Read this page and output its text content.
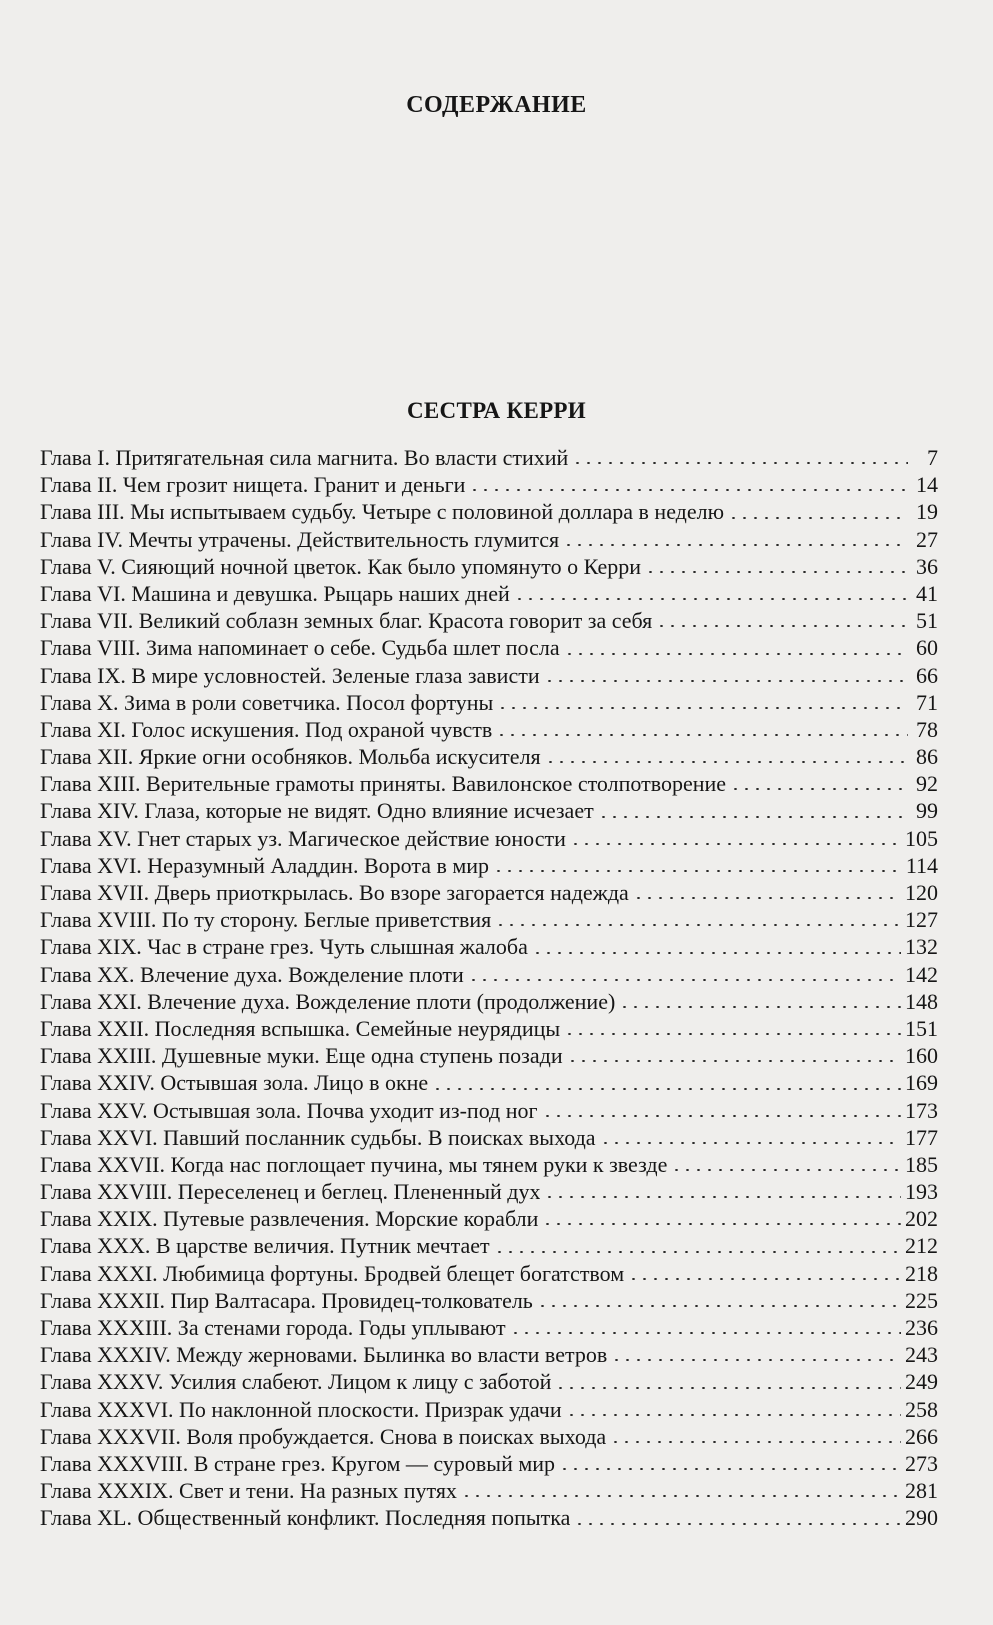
СОДЕРЖАНИЕ
СЕСТРА КЕРРИ
Глава I. Притягательная сила магнита. Во власти стихий	7
Глава II. Чем грозит нищета. Гранит и деньги	14
Глава III. Мы испытываем судьбу. Четыре с половиной доллара в неделю	19
Глава IV. Мечты утрачены. Действительность глумится	27
Глава V. Сияющий ночной цветок. Как было упомянуто о Керри	36
Глава VI. Машина и девушка. Рыцарь наших дней	41
Глава VII. Великий соблазн земных благ. Красота говорит за себя	51
Глава VIII. Зима напоминает о себе. Судьба шлет посла	60
Глава IX. В мире условностей. Зеленые глаза зависти	66
Глава X. Зима в роли советчика. Посол фортуны	71
Глава XI. Голос искушения. Под охраной чувств	78
Глава XII. Яркие огни особняков. Мольба искусителя	86
Глава XIII. Верительные грамоты приняты. Вавилонское столпотворение	92
Глава XIV. Глаза, которые не видят. Одно влияние исчезает	99
Глава XV. Гнет старых уз. Магическое действие юности	105
Глава XVI. Неразумный Аладдин. Ворота в мир	114
Глава XVII. Дверь приоткрылась. Во взоре загорается надежда	120
Глава XVIII. По ту сторону. Беглые приветствия	127
Глава XIX. Час в стране грез. Чуть слышная жалоба	132
Глава XX. Влечение духа. Вожделение плоти	142
Глава XXI. Влечение духа. Вожделение плоти (продолжение)	148
Глава XXII. Последняя вспышка. Семейные неурядицы	151
Глава XXIII. Душевные муки. Еще одна ступень позади	160
Глава XXIV. Остывшая зола. Лицо в окне	169
Глава XXV. Остывшая зола. Почва уходит из-под ног	173
Глава XXVI. Павший посланник судьбы. В поисках выхода	177
Глава XXVII. Когда нас поглощает пучина, мы тянем руки к звезде	185
Глава XXVIII. Переселенец и беглец. Плененный дух	193
Глава XXIX. Путевые развлечения. Морские корабли	202
Глава XXX. В царстве величия. Путник мечтает	212
Глава XXXI. Любимица фортуны. Бродвей блещет богатством	218
Глава XXXII. Пир Валтасара. Провидец-толкователь	225
Глава XXXIII. За стенами города. Годы уплывают	236
Глава XXXIV. Между жерновами. Былинка во власти ветров	243
Глава XXXV. Усилия слабеют. Лицом к лицу с заботой	249
Глава XXXVI. По наклонной плоскости. Призрак удачи	258
Глава XXXVII. Воля пробуждается. Снова в поисках выхода	266
Глава XXXVIII. В стране грез. Кругом — суровый мир	273
Глава XXXIX. Свет и тени. На разных путях	281
Глава XL. Общественный конфликт. Последняя попытка	290
